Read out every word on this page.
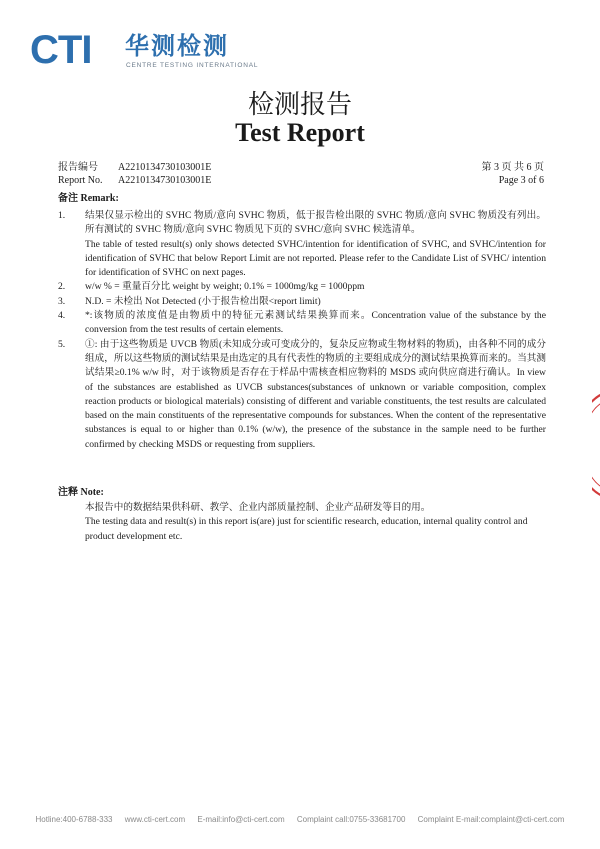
CTI 华测检测
CENTRE TESTING INTERNATIONAL
检测报告
Test Report
报告编号 A2210134730103001E
Report No. A2210134730103001E
第 3 页 共 6 页
Page 3 of 6
备注 Remark:
1.	结果仅显示检出的 SVHC 物质/意向 SVHC 物质，低于报告检出限的 SVHC 物质/意向 SVHC 物质没有列出。所有测试的 SVHC 物质/意向 SVHC 物质见下页的 SVHC/意向 SVHC 候选清单。
The table of tested result(s) only shows detected SVHC/intention for identification of SVHC, and SVHC/intention for identification of SVHC that below Report Limit are not reported. Please refer to the Candidate List of SVHC/ intention for identification of SVHC on next pages.
2.	w/w % = 重量百分比 weight by weight; 0.1% = 1000mg/kg = 1000ppm
3.	N.D. = 未检出 Not Detected (小于报告检出限<report limit)
4.	*:该物质的浓度值是由物质中的特征元素测试结果换算而来。Concentration value of the substance by the conversion from the test results of certain elements.
5.	①: 由于这些物质是 UVCB 物质(未知成分或可变成分的，复杂反应物或生物材料的物质)，由各种不同的成分组成，所以这些物质的测试结果是由选定的具有代表性的物质的主要组成成分的测试结果换算而来的。当其测试结果≥0.1% w/w 时，对于该物质是否存在于样品中需核查相应物料的 MSDS 或向供应商进行确认。In view of the substances are established as UVCB substances(substances of unknown or variable composition, complex reaction products or biological materials) consisting of different and variable constituents, the test results are calculated based on the main constituents of the representative compounds for substances. When the content of the representative substances is equal to or higher than 0.1% (w/w), the presence of the substance in the sample need to be further confirmed by checking MSDS or requesting from suppliers.
注释 Note:
本报告中的数据结果供科研、教学、企业内部质量控制、企业产品研发等目的用。
The testing data and result(s) in this report is(are) just for scientific research, education, internal quality control and product development etc.
Hotline:400-6788-333 www.cti-cert.com E-mail:info@cti-cert.com Complaint call:0755-33681700 Complaint E-mail:complaint@cti-cert.com
